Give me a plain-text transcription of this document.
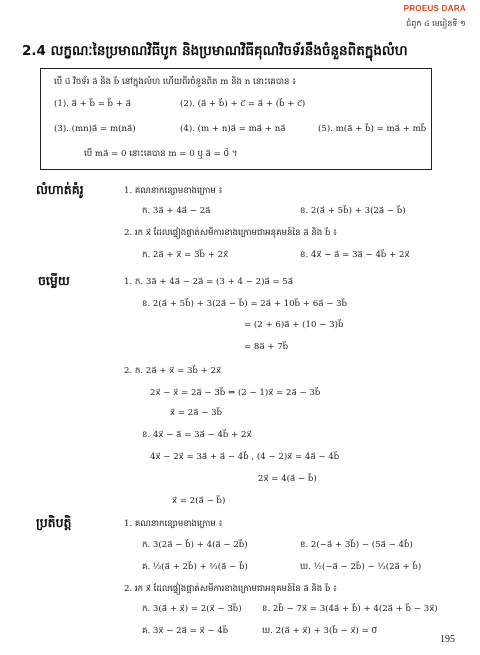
PROEUS DARA
ជំពូក ៤ មេរៀនទី ១
2.4 លក្ខណៈនៃប្រមាណវិធីបូក និងប្រមាណវិធីគុណវិចទ័រនឹងចំនួនពិតក្នុងលំហ
បើ u⃗ វិចទ័រ a⃗ និង b⃗ នៅក្នុងលំហ ហើយពីរចំនួនពិត m និង n នោះគេបាន ៖
(1). a⃗ + b⃗ = b⃗ + a⃗	(2). (a⃗ + b⃗) + c⃗ = a⃗ + (b⃗ + c⃗)
(3). (mn)a⃗ = m(na⃗)	(4). (m + n)a⃗ = ma⃗ + na⃗	(5). m(a⃗ + b⃗) = ma⃗ + mb⃗
បើ ma⃗ = 0 នោះគេបាន m = 0 ឬ a⃗ = 0⃗ ។
លំហាត់គំរូ	1. គណនាកន្សោមខាងក្រោម ៖
ក. 3a⃗ + 4a⃗ − 2a⃗	ខ. 2(a⃗ + 5b⃗) + 3(2a⃗ − b⃗)
2. រក x⃗ ដែលផ្ទៀងផ្ទាត់សមីការខាងក្រោមជាអនុគមន៍នៃ a⃗ និង b⃗ ៖
ក. 2a⃗ + x⃗ = 3b⃗ + 2x⃗	ខ. 4x⃗ − a⃗ = 3a⃗ − 4b⃗ + 2x⃗
ចម្លើយ	1. ក. 3a⃗ + 4a⃗ − 2a⃗ = (3 + 4 − 2)a⃗ = 5a⃗
ខ. 2(a⃗ + 5b⃗) + 3(2a⃗ − b⃗) = 2a⃗ + 10b⃗ + 6a⃗ − 3b⃗
= (2 + 6)a⃗ + (10 − 3)b⃗
= 8a⃗ + 7b⃗
2. ក. 2a⃗ + x⃗ = 3b⃗ + 2x⃗
2x⃗ − x⃗ = 2a⃗ − 3b⃗ ⇔ (2 − 1)x⃗ = 2a⃗ − 3b⃗
x⃗ = 2a⃗ − 3b⃗
ខ. 4x⃗ − a⃗ = 3a⃗ − 4b⃗ + 2x⃗
4x⃗ − 2x⃗ = 3a⃗ + a⃗ − 4b⃗ , (4 − 2)x⃗ = 4a⃗ − 4b⃗
2x⃗ = 4(a⃗ − b⃗)
x⃗ = 2(a⃗ − b⃗)
ប្រតិបត្តិ	1. គណនាកន្សោមខាងក្រោម ៖
ក. 3(2a⃗ − b⃗) + 4(a⃗ − 2b⃗)	ខ. 2(−a⃗ + 3b⃗) − (5a⃗ − 4b⃗)
គ. ⅓(a⃗ + 2b⃗) + ⅔(a⃗ − b⃗)	ឃ. ½(−a⃗ − 2b⃗) − ⅓(2a⃗ + b⃗)
2. រក x⃗ ដែលផ្ទៀងផ្ទាត់សមីការខាងក្រោមជាអនុគមន៍នៃ a⃗ និង b⃗ ៖
ក. 3(a⃗ + x⃗) = 2(x⃗ − 3b⃗) ខ. 2b⃗ − 7x⃗ = 3(4a⃗ + b⃗) + 4(2a⃗ + b⃗ − 3x⃗)
គ. 3x⃗ − 2a⃗ = x⃗ − 4b⃗	ឃ. 2(a⃗ + x⃗) + 3(b⃗ − x⃗) = 0⃗
195
